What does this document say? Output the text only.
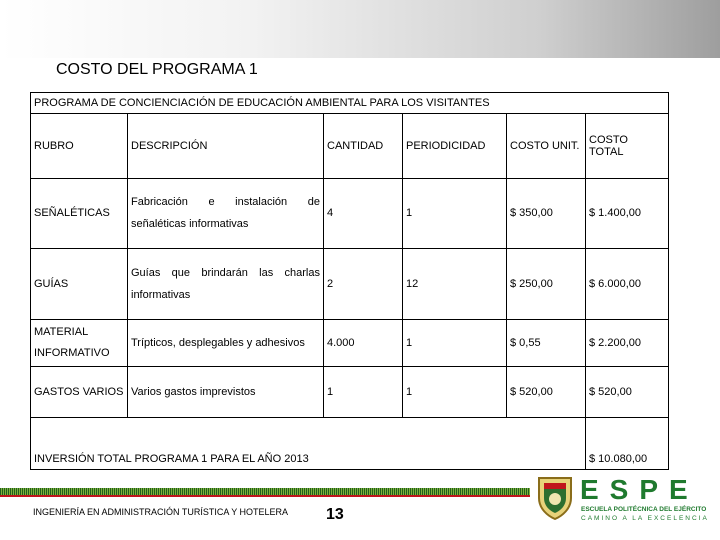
COSTO DEL PROGRAMA 1
PROGRAMA DE CONCIENCIACIÓN DE EDUCACIÓN AMBIENTAL PARA LOS VISITANTES					
RUBRO	DESCRIPCIÓN	CANTIDAD	PERIODICIDAD	COSTO UNIT.	COSTO TOTAL
SEÑALÉTICAS	Fabricación e instalación de señaléticas informativas	4	1	$ 350,00	$ 1.400,00
GUÍAS	Guías que brindarán las charlas informativas	2	12	$ 250,00	$ 6.000,00
MATERIAL INFORMATIVO	Trípticos, desplegables y adhesivos	4.000	1	$ 0,55	$ 2.200,00
GASTOS VARIOS	Varios gastos imprevistos	1	1	$ 520,00	$ 520,00
INVERSIÓN TOTAL PROGRAMA 1 PARA EL AÑO 2013					$ 10.080,00
INGENIERÍA EN ADMINISTRACIÓN TURÍSTICA Y HOTELERA 13
ESPE
ESCUELA POLITÉCNICA DEL EJÉRCITO
CAMINO A LA EXCELENCIA
